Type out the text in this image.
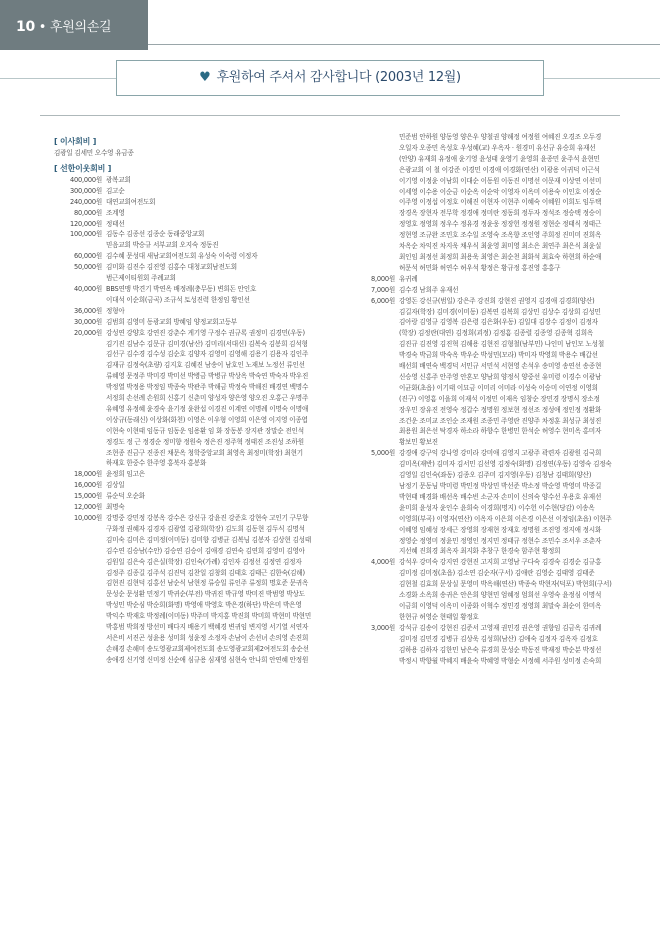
10 • 후원의손길
♥ 후원하여 주셔서 감사합니다 (2003년 12월)
[ 이사회비 ]
김광일 김세민 오수영 유금종
[ 선한이웃회비 ]
400,000원 광복교회
300,000원 김고순
240,000원 대연교회여전도회
80,000원 조계영
120,000원 정태선
100,000원 김동수 김종선 김종순 동래중앙교회
믿음교회 박승규 서부교회 오지숙 정동진
60,000원 김수혜 문성대 새남교회여전도회 유성숙 이숙령 이정자
50,000원 김미화 김진수 김진영 김홍수 대청교회남전도회
범근제이티원회 주례교회
40,000원 BBS연맹 박견기 박연옥 배정례(충무동) 변희돈 안인호
이대석 이순희(금곡) 조규석 토성진력 한정임 황인선
36,000원 정형아
30,000원 김범희 김영미 동광교회 방혜임 양정교회고등부
20,000원 강성연 강양호 강연진 강춘수 게기영 구정수 권규록 권정미 김경민(우동)
김기진 김남수 김문규 김미경(남산) 김미리(서대신) 김복숙 김봉희 김석형
김선구 김수경 김수성 김순호 김양자 김영미 김영해 김용기 김용자 김인주
김재규 김정숙(초량) 김지호 김혜진 남송이 남호인 노재보 노정선 류인선
류혜영 문정주 박미경 박미선 박병금 박병규 박상옥 박숙연 박숙자 박우진
박정열 박정용 박정임 박종숙 박관주 박해금 박정숙 박해진 배경연 백명수
서정희 손선례 손원희 신홍기 신춘미 양성자 양은영 양오진 오홍근 우명주
유혜영 유정혜 윤경숙 윤기정 윤완섭 이경진 이계연 이명례 이명숙 이명애
이상규(동래신) 이상화(화천) 이영은 이우형 이영희 이은영 이지영 이종엽
이현숙 이현태 임동규 임동운 임용환 임 화 장동봉 장지관 장말순 전인석
정경도 정 근 정경순 정미향 정원숙 정은진 정주혁 정태진 조진성 조하원
조현종 진금구 진종진 채문옥 청학중앙교회 최영옥 최정미(학장) 최현기
하재호 한중수 한주영 홍북자 홍봉화
18,000원 윤정희 임고은
16,000원 김상일
15,000원 류순덕 오순화
12,000원 최명숙
10,000원 강명중 강민정 강봉옥 강수은 강신규 강윤진 강준호 강현숙 고인기 구무향
구화정 권혜자 김경자 김광열 김광희(학장) 김도희 김동현 김두식 김명석
김미숙 김미은 김미정(이미동) 김미향 김병균 김복님 김봉자 김상현 김성태
김수연 김승남(수안) 김승연 김승이 김애경 김연숙 김연희 김영미 김영아
김원일 김은숙 김은실(학장) 김인숙(가례) 김인자 김정선 김정연 김정자
김정주 김종길 김주석 김진덕 김찬일 김창회 김태호 김태근 김한숙(김해)
김현진 김현덕 김홍선 남순식 남현정 류승일 류인주 류정희 명호준 문귀옥
문성순 문성환 민정기 박귀순(부전) 박귀진 박규영 박미진 박범영 박상도
박성민 박순심 박순희(화명) 박영애 박영호 박은경(하단) 박은미 박은영
박익수 박재호 박정례(이미동) 박주미 박지홍 박진희 박미희 박현미 박현민
박홍범 박희정 방선미 배다지 배용기 백혜경 변귀임 변지영 서기열 서연자
서은비 서진곤 성윤용 성미희 성윤정 소정자 손남이 손선녀 손의영 손진희
손해경 손해미 송도영광교회제여전도회 송도영광교회제2여전도회 송순선
송애경 신기영 신미정 신순애 심규용 심재영 심현숙 안나희 안연혜 안정원
민준범 안하원 양동영 양은우 양철권 양해정 여정원 여혜진 오경조 오두경
오일자 오종민 옥성호 우성혜(교) 우옥자 · 원경미 유선규 유승희 유재선
(안양) 유재희 유정애 윤기영 윤성태 윤영기 윤영희 윤종민 윤주석 윤현민
은광교회 이 철 이강준 이경민 이경애 이경화(연산) 이광용 이귀덕 이근석
이기영 이정윤 이남희 이대순 이동원 이동진 이명선 이문재 이상연 이선미
이세영 이수용 이순금 이순옥 이순악 이영자 이옥미 이용숙 이인호 이정순
이주영 이정섭 이정호 이해진 이현자 이현주 이혜숙 이혜원 이희도 임두택
장경옥 장현자 전무학 정경애 정미란 정동희 정두자 정석조 정승택 정승이
정영호 정영희 정우수 정유경 정윤웅 정장헌 정정원 정현순 정태식 정태근
정현영 조규완 조민호 조수일 조영숙 조옥향 조인영 주희정 진미미 진희옥
차옥순 차익진 차지욱 채우식 최윤영 최미영 최소은 최연주 최은식 최윤실
최인임 최정선 최정희 최용욱 최영은 최순천 최화석 최효숙 하현희 하순애
허문석 허민화 허연수 허우석 황정은 황규정 홍진영 홍홍구
8,000원 유귀례
7,000원 김수경 남희주 유재선
6,000원 강영돈 강신규(범일) 강은주 강진희 강현진 권영지 김경애 김경희(양산)
김길자(학장) 김미경(이미동) 김복연 김복희 김상민 김상수 김상희 김성민
김아랑 김영규 김영복 김은령 김은화(우동) 김일대 김장수 김정이 김정자
(학장) 김정란(대연) 김정희(괴정) 김정흠 김종렬 김종영 김종혁 김희옥
김진규 김진영 김진혁 김해용 김현진 김형철(남부민) 나인미 남인모 노성철
박경숙 박금희 박숙옥 박우순 박성민(모라) 박미자 박영희 박용수 배갑선
배선희 배연숙 백경덕 서민규 서민석 서현영 손석우 송미영 송연선 송종현
신승영 신홍주 안주영 안혼모 양남희 양정식 양중선 유미령 이경수 이광남
이균화(초읍) 이기태 이묘금 이미리 이미라 이성숙 이승미 이연정 이영희
(진구) 이영흠 이을희 이재석 이정민 이재옥 임창순 장민경 장명식 장소정
장우민 장유진 전영숙 정갑수 정명원 정보현 정선조 정성애 정인정 정환화
조건운 조미교 조인순 조재원 조종민 주영란 진양주 차정훈 최성규 최성진
최용원 최은선 탁경자 하소라 하향수 한병민 한석순 허영수 현미옥 홍미자
황보민 황보진
5,000원 강경애 강구익 강나영 강미라 강미애 김영지 고광주 곽련자 김광원 김국희
김미옥(재반) 김미자 김서민 김선영 김정숙(화명) 김정연(우동) 김영숙 김정숙
김영일 김인숙(좌동) 김종오 김주미 김지영(우동) 김청남 김태희(양산)
남정기 문동님 박미령 박민정 박상민 박선준 박소정 박순영 박영미 박종길
박현태 배경화 배선옥 배수빈 소군자 손미이 신의숙 양수선 우용호 유재선
윤미희 윤성자 윤인수 윤희숙 이경희(명지) 이수헌 이수현(당감) 이송옥
이영희(부곡) 이영자(연산) 이옥자 이은희 이은경 이은선 이정임(초읍) 이현주
이혜영 임혜성 장세근 장영희 장재현 장재호 정명원 조진영 정지애 정시화
정영순 정영미 정윤민 정영인 정지민 정태규 정현수 조민수 조서우 조춘자
지선혜 진희경 최옥자 최지화 추창구 한경숙 함주현 황정희
4,000원 강석우 강미숙 강지연 강현진 고지희 고영남 구다숙 김경숙 김경순 김규홍
김미정 김미정(초읍) 김소연 김순자(구서) 김애란 김영순 김태영 김태준
김현철 김효희 문상실 문영미 박옥해(연산) 박종숙 박현자(덕포) 박현희(구서)
소경화 소옥희 송귀은 안은희 양현민 엄혜정 엄희선 우영숙 윤정심 이명석
이금희 이영덕 이옥미 이종화 이혁수 정민경 정영희 최말숙 최순이 한미옥
한현규 허영순 현태일 황정호
3,000원 강석규 김송이 강현진 김준서 고영재 권민경 권은영 권향임 김금옥 김귀례
김미정 김민경 김병규 김상욱 김성희(남산) 김애숙 김정자 김옥자 김정호
김하용 김하자 김한민 남은숙 류경희 문성순 박동진 박재정 박순분 박정선
박정시 박향월 박혜지 배윤숙 박혜영 박형순 서정혜 서주원 성미정 손숙희
